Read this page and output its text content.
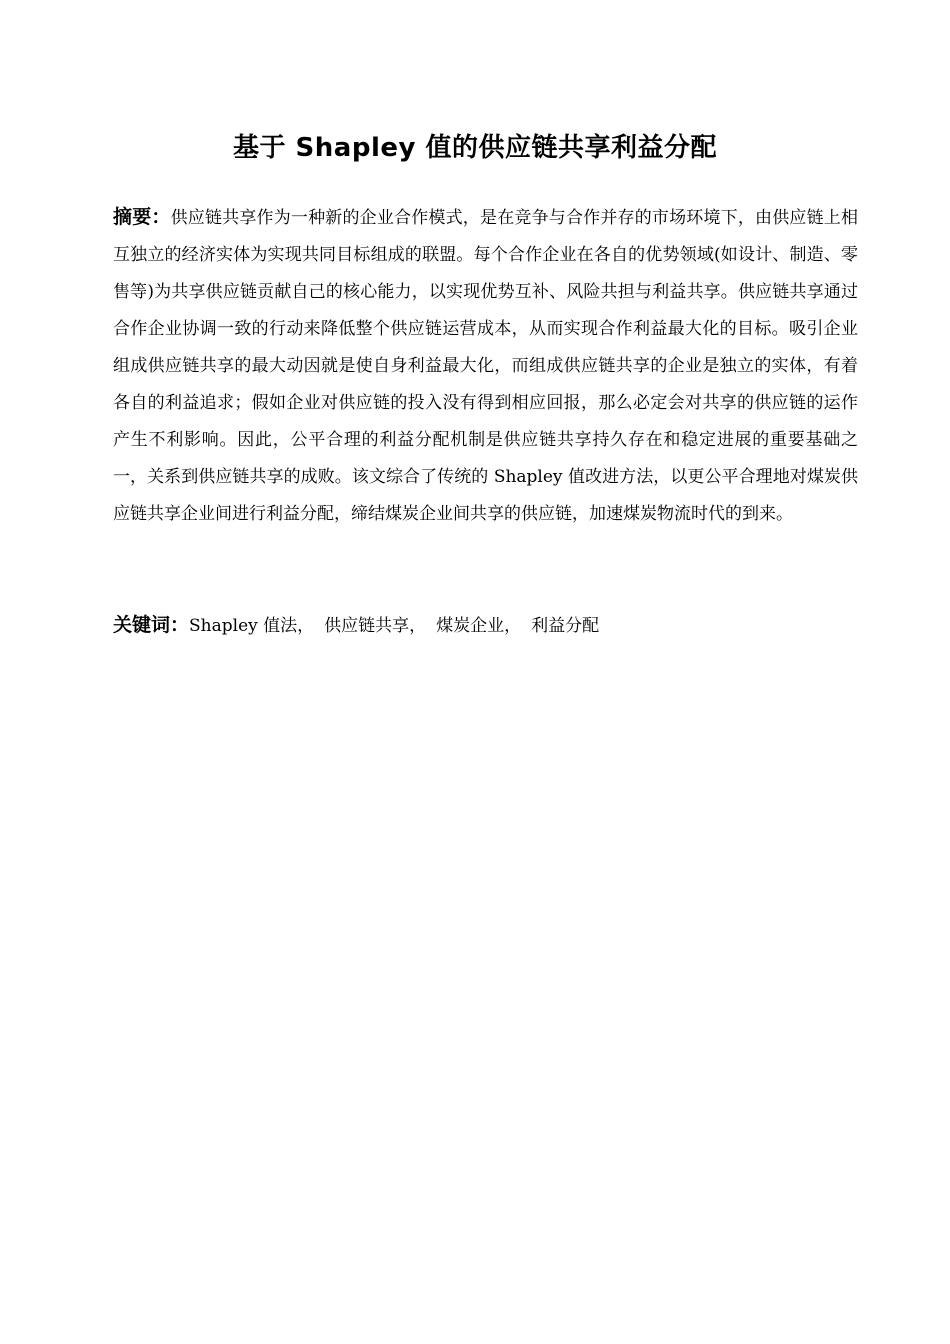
基于 Shapley 值的供应链共享利益分配

摘要：供应链共享作为一种新的企业合作模式，是在竞争与合作并存的市场环境下，由供应链上相互独立的经济实体为实现共同目标组成的联盟。每个合作企业在各自的优势领域(如设计、制造、零售等)为共享供应链贡献自己的核心能力，以实现优势互补、风险共担与利益共享。供应链共享通过合作企业协调一致的行动来降低整个供应链运营成本，从而实现合作利益最大化的目标。吸引企业组成供应链共享的最大动因就是使自身利益最大化，而组成供应链共享的企业是独立的实体，有着各自的利益追求；假如企业对供应链的投入没有得到相应回报，那么必定会对共享的供应链的运作产生不利影响。因此，公平合理的利益分配机制是供应链共享持久存在和稳定进展的重要基础之一，关系到供应链共享的成败。该文综合了传统的 Shapley 值改进方法，以更公平合理地对煤炭供应链共享企业间进行利益分配，缔结煤炭企业间共享的供应链，加速煤炭物流时代的到来。

关键词：Shapley 值法， 供应链共享， 煤炭企业， 利益分配
